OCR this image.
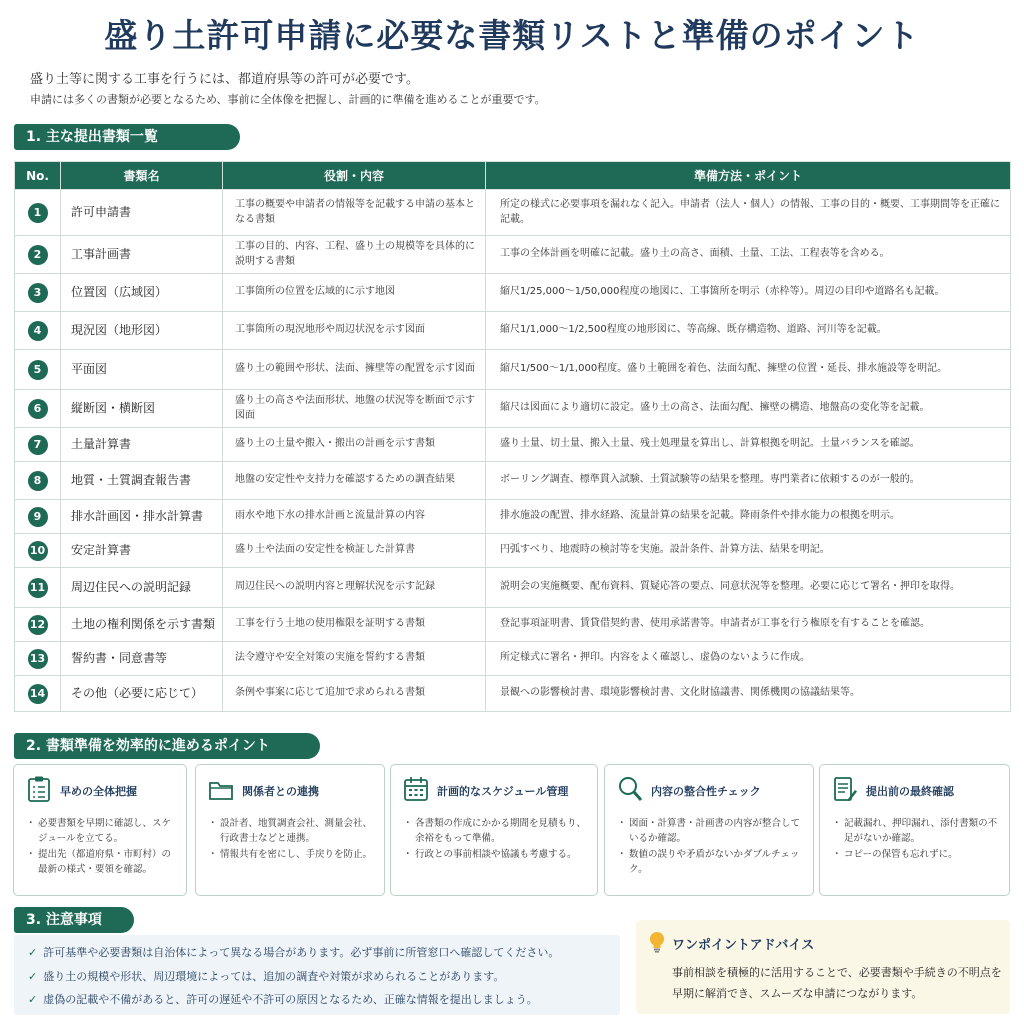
盛り土許可申請に必要な書類リストと準備のポイント
盛り土等に関する工事を行うには、都道府県等の許可が必要です。
申請には多くの書類が必要となるため、事前に全体像を把握し、計画的に準備を進めることが重要です。
1. 主な提出書類一覧
No.	書類名	役割・内容	準備方法・ポイント
1	許可申請書	工事の概要や申請者の情報等を記載する申請の基本となる書類	所定の様式に必要事項を漏れなく記入。申請者（法人・個人）の情報、工事の目的・概要、工事期間等を正確に記載。
2	工事計画書	工事の目的、内容、工程、盛り土の規模等を具体的に説明する書類	工事の全体計画を明確に記載。盛り土の高さ、面積、土量、工法、工程表等を含める。
3	位置図（広域図）	工事箇所の位置を広域的に示す地図	縮尺1/25,000〜1/50,000程度の地図に、工事箇所を明示（赤枠等）。周辺の目印や道路名も記載。
4	現況図（地形図）	工事箇所の現況地形や周辺状況を示す図面	縮尺1/1,000〜1/2,500程度の地形図に、等高線、既存構造物、道路、河川等を記載。
5	平面図	盛り土の範囲や形状、法面、擁壁等の配置を示す図面	縮尺1/500〜1/1,000程度。盛り土範囲を着色、法面勾配、擁壁の位置・延長、排水施設等を明記。
6	縦断図・横断図	盛り土の高さや法面形状、地盤の状況等を断面で示す図面	縮尺は図面により適切に設定。盛り土の高さ、法面勾配、擁壁の構造、地盤高の変化等を記載。
7	土量計算書	盛り土の土量や搬入・搬出の計画を示す書類	盛り土量、切土量、搬入土量、残土処理量を算出し、計算根拠を明記。土量バランスを確認。
8	地質・土質調査報告書	地盤の安定性や支持力を確認するための調査結果	ボーリング調査、標準貫入試験、土質試験等の結果を整理。専門業者に依頼するのが一般的。
9	排水計画図・排水計算書	雨水や地下水の排水計画と流量計算の内容	排水施設の配置、排水経路、流量計算の結果を記載。降雨条件や排水能力の根拠を明示。
10	安定計算書	盛り土や法面の安定性を検証した計算書	円弧すべり、地震時の検討等を実施。設計条件、計算方法、結果を明記。
11	周辺住民への説明記録	周辺住民への説明内容と理解状況を示す記録	説明会の実施概要、配布資料、質疑応答の要点、同意状況等を整理。必要に応じて署名・押印を取得。
12	土地の権利関係を示す書類	工事を行う土地の使用権限を証明する書類	登記事項証明書、賃貸借契約書、使用承諾書等。申請者が工事を行う権原を有することを確認。
13	誓約書・同意書等	法令遵守や安全対策の実施を誓約する書類	所定様式に署名・押印。内容をよく確認し、虚偽のないように作成。
14	その他（必要に応じて）	条例や事案に応じて追加で求められる書類	景観への影響検討書、環境影響検討書、文化財協議書、関係機関の協議結果等。
2. 書類準備を効率的に進めるポイント
早めの全体把握
・ 必要書類を早期に確認し、スケジュールを立てる。
・ 提出先（都道府県・市町村）の最新の様式・要領を確認。
関係者との連携
・ 設計者、地質調査会社、測量会社、行政書士などと連携。
・ 情報共有を密にし、手戻りを防止。
計画的なスケジュール管理
・ 各書類の作成にかかる期間を見積もり、余裕をもって準備。
・ 行政との事前相談や協議も考慮する。
内容の整合性チェック
・ 図面・計算書・計画書の内容が整合しているか確認。
・ 数値の誤りや矛盾がないかダブルチェック。
提出前の最終確認
・ 記載漏れ、押印漏れ、添付書類の不足がないか確認。
・ コピーの保管も忘れずに。
3. 注意事項
✓ 許可基準や必要書類は自治体によって異なる場合があります。必ず事前に所管窓口へ確認してください。
✓ 盛り土の規模や形状、周辺環境によっては、追加の調査や対策が求められることがあります。
✓ 虚偽の記載や不備があると、許可の遅延や不許可の原因となるため、正確な情報を提出しましょう。
ワンポイントアドバイス
事前相談を積極的に活用することで、必要書類や手続きの不明点を早期に解消でき、スムーズな申請につながります。
